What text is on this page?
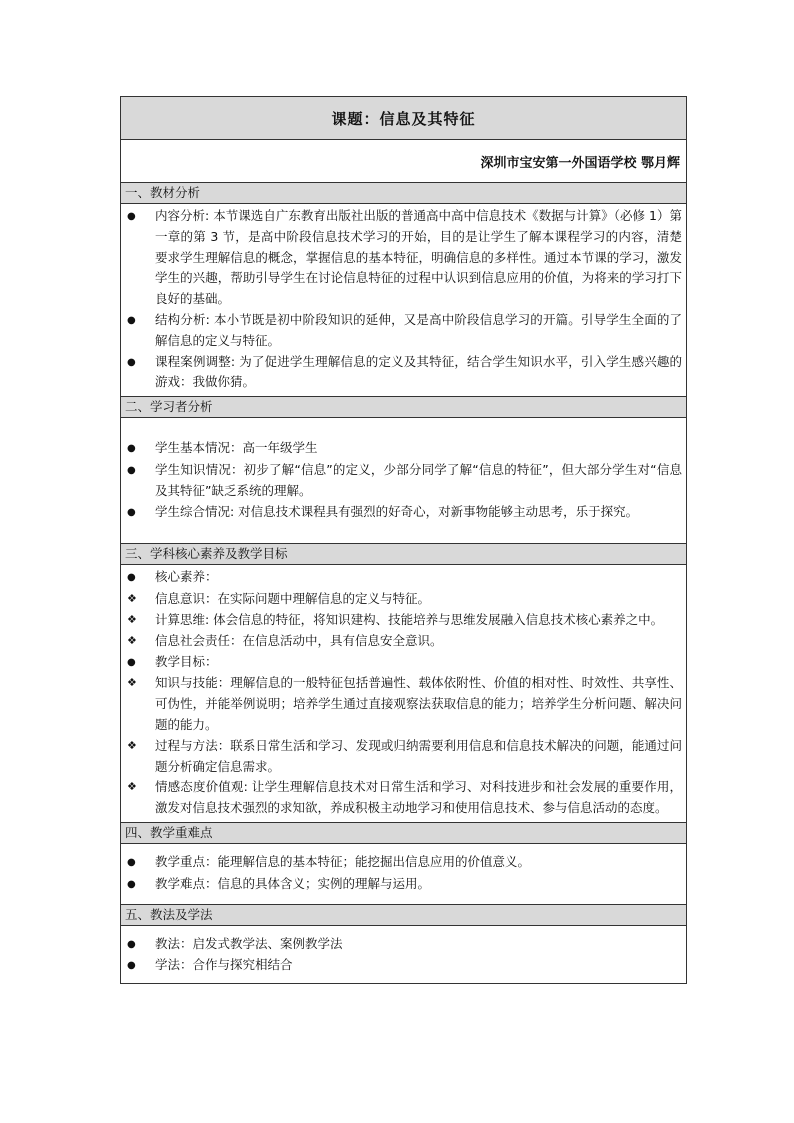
课题：信息及其特征
深圳市宝安第一外国语学校 鄂月辉
一、教材分析
●
内容分析: 本节课选自广东教育出版社出版的普通高中高中信息技术《数据与计算》（必修 1）第一章的第 3 节，是高中阶段信息技术学习的开始，目的是让学生了解本课程学习的内容，清楚要求学生理解信息的概念，掌握信息的基本特征，明确信息的多样性。通过本节课的学习，激发学生的兴趣，帮助引导学生在讨论信息特征的过程中认识到信息应用的价值，为将来的学习打下良好的基础。
●
结构分析: 本小节既是初中阶段知识的延伸，又是高中阶段信息学习的开篇。引导学生全面的了解信息的定义与特征。
●
课程案例调整: 为了促进学生理解信息的定义及其特征，结合学生知识水平，引入学生感兴趣的游戏：我做你猜。
二、学习者分析
●
学生基本情况：高一年级学生
●
学生知识情况：初步了解“信息”的定义，少部分同学了解“信息的特征”，但大部分学生对“信息及其特征”缺乏系统的理解。
●
学生综合情况: 对信息技术课程具有强烈的好奇心，对新事物能够主动思考，乐于探究。
三、学科核心素养及教学目标
●
核心素养：
❖
信息意识：在实际问题中理解信息的定义与特征。
❖
计算思维: 体会信息的特征，将知识建构、技能培养与思维发展融入信息技术核心素养之中。
❖
信息社会责任：在信息活动中，具有信息安全意识。
●
教学目标：
❖
知识与技能：理解信息的一般特征包括普遍性、载体依附性、价值的相对性、时效性、共享性、可伪性，并能举例说明；培养学生通过直接观察法获取信息的能力；培养学生分析问题、解决问题的能力。
❖
过程与方法：联系日常生活和学习、发现或归纳需要利用信息和信息技术解决的问题，能通过问题分析确定信息需求。
❖
情感态度价值观: 让学生理解信息技术对日常生活和学习、对科技进步和社会发展的重要作用，激发对信息技术强烈的求知欲，养成积极主动地学习和使用信息技术、参与信息活动的态度。
四、教学重难点
●
教学重点：能理解信息的基本特征；能挖掘出信息应用的价值意义。
●
教学难点：信息的具体含义；实例的理解与运用。
五、教法及学法
●
教法：启发式教学法、案例教学法
●
学法：合作与探究相结合
